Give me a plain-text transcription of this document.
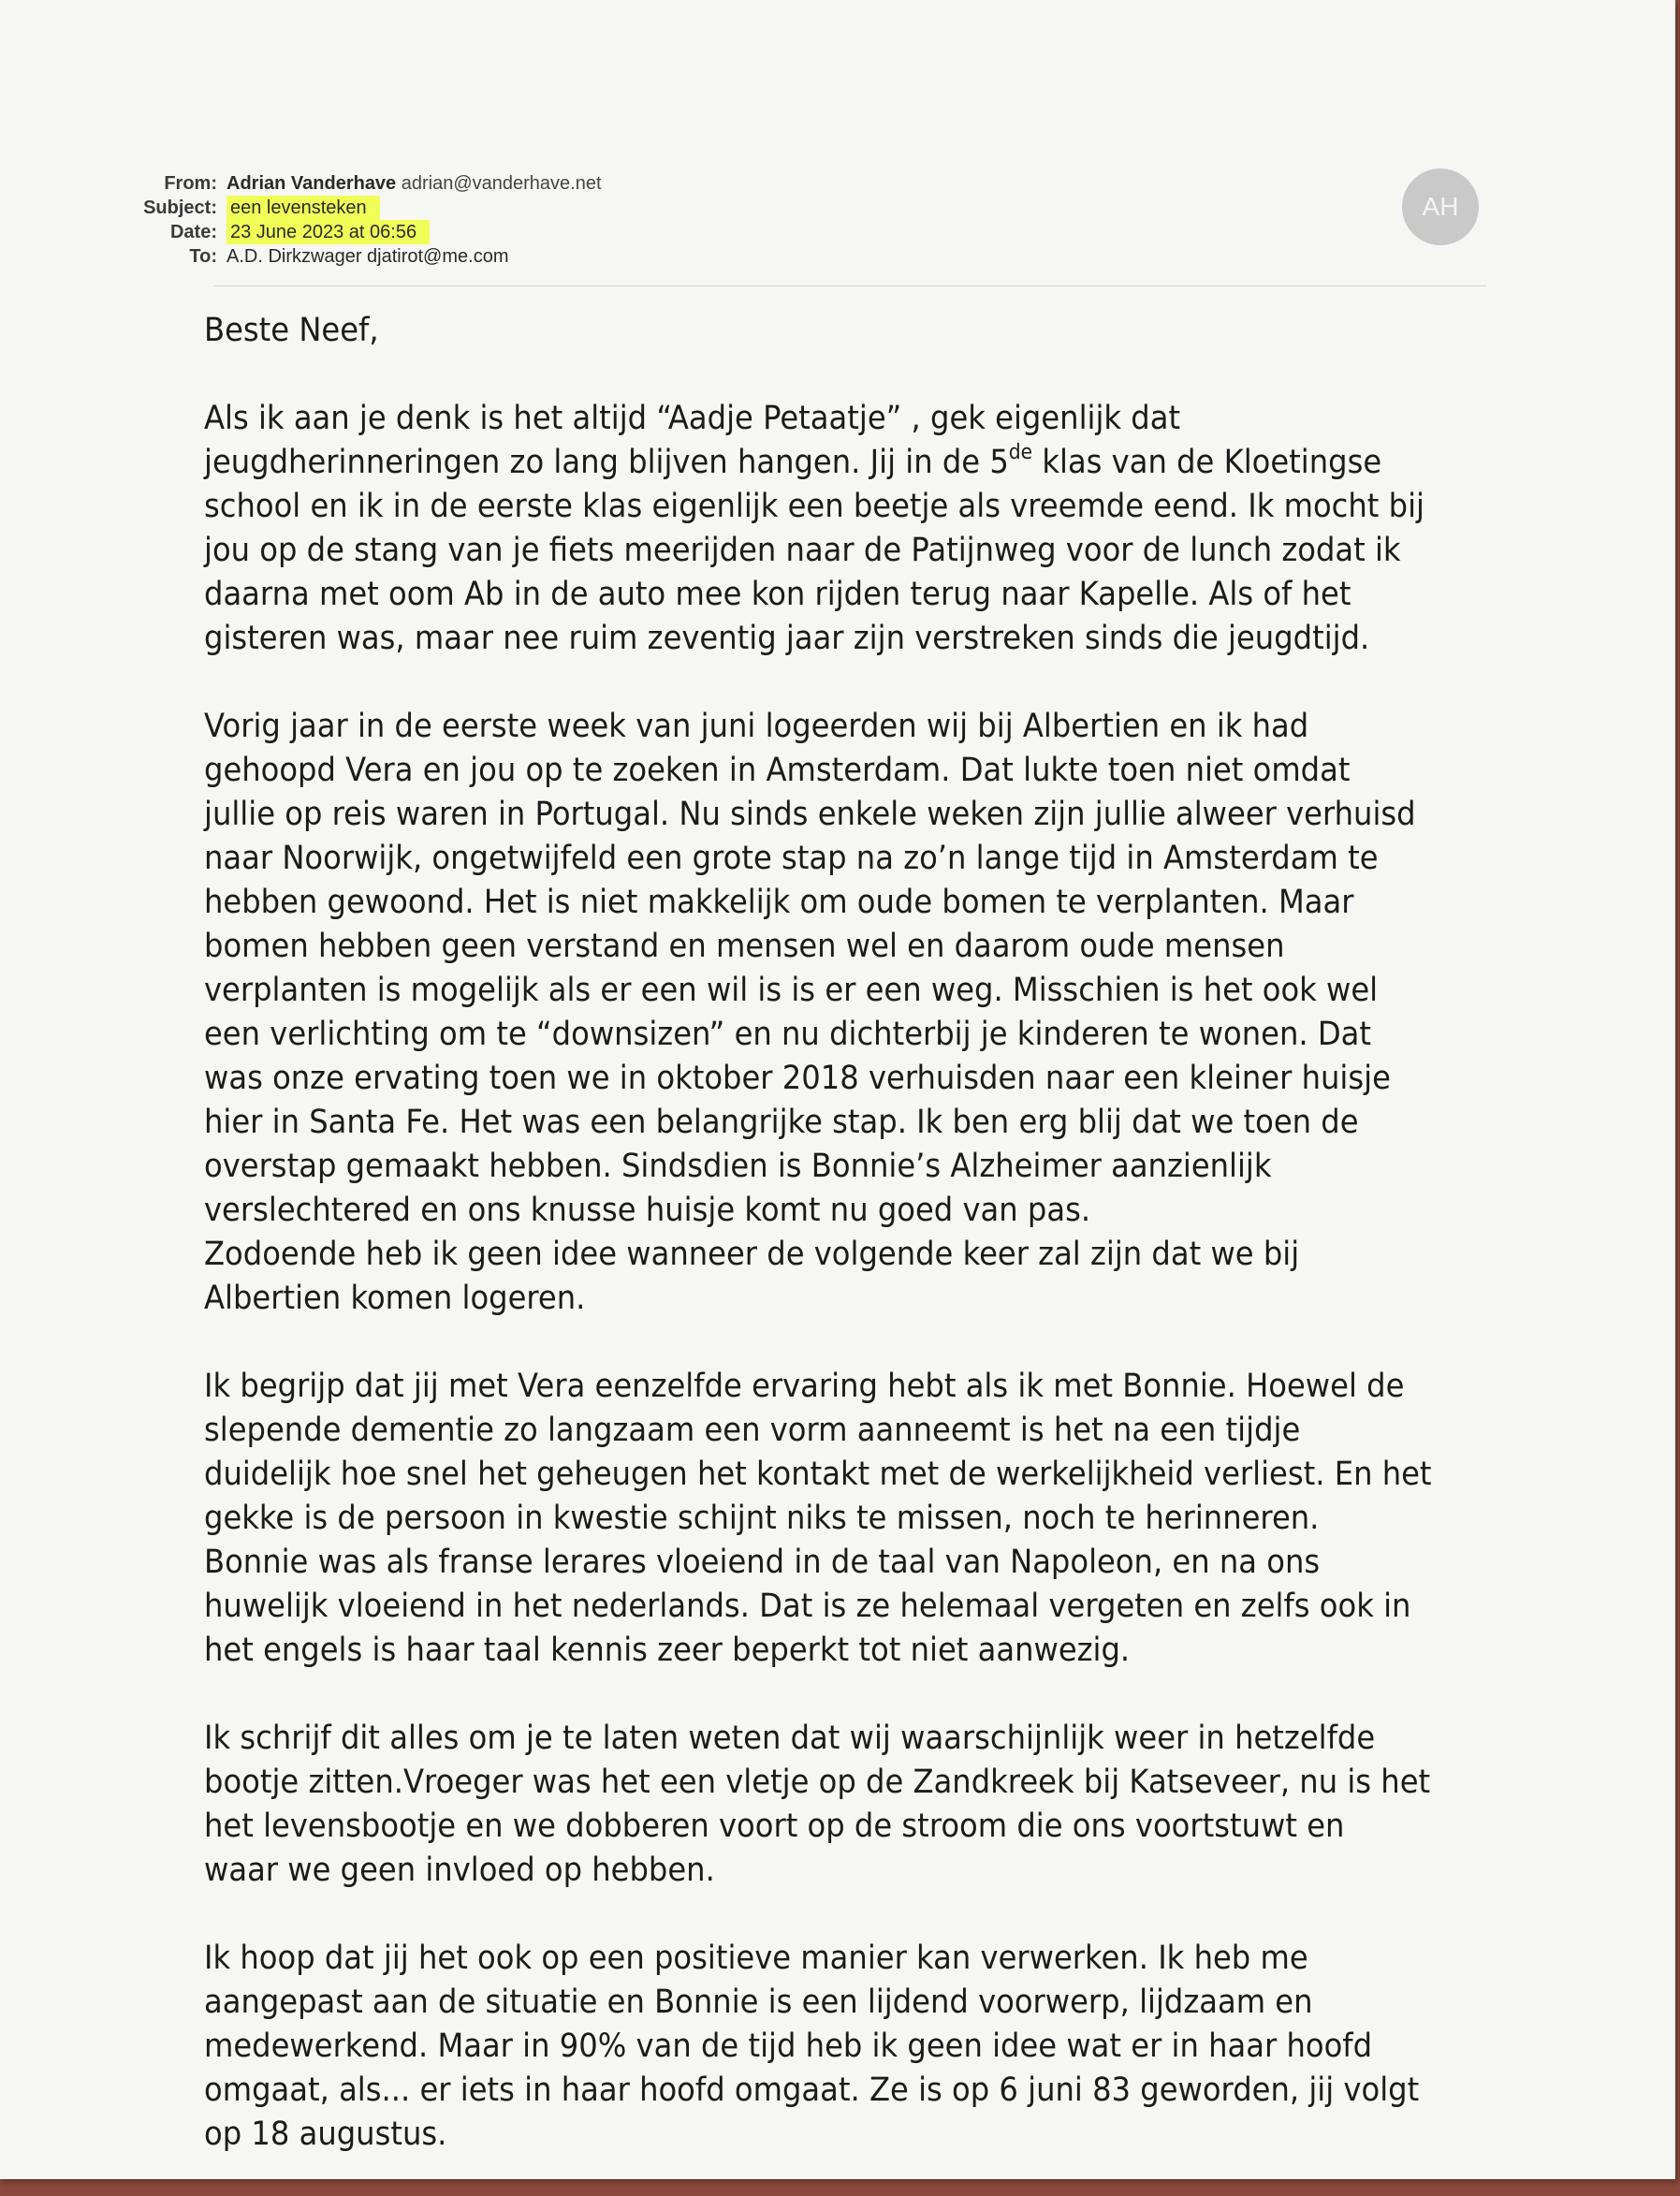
From: Adrian Vanderhave adrian@vanderhave.net
Subject: een levensteken
Date: 23 June 2023 at 06:56
To: A.D. Dirkzwager djatirot@me.com
AH

Beste Neef,

Als ik aan je denk is het altijd “Aadje Petaatje” , gek eigenlijk dat
jeugdherinneringen zo lang blijven hangen. Jij in de 5de klas van de Kloetingse
school en ik in de eerste klas eigenlijk een beetje als vreemde eend. Ik mocht bij
jou op de stang van je fiets meerijden naar de Patijnweg voor de lunch zodat ik
daarna met oom Ab in de auto mee kon rijden terug naar Kapelle. Als of het
gisteren was, maar nee ruim zeventig jaar zijn verstreken sinds die jeugdtijd.

Vorig jaar in de eerste week van juni logeerden wij bij Albertien en ik had
gehoopd Vera en jou op te zoeken in Amsterdam. Dat lukte toen niet omdat
jullie op reis waren in Portugal. Nu sinds enkele weken zijn jullie alweer verhuisd
naar Noorwijk, ongetwijfeld een grote stap na zo’n lange tijd in Amsterdam te
hebben gewoond. Het is niet makkelijk om oude bomen te verplanten. Maar
bomen hebben geen verstand en mensen wel en daarom oude mensen
verplanten is mogelijk als er een wil is is er een weg. Misschien is het ook wel
een verlichting om te “downsizen” en nu dichterbij je kinderen te wonen. Dat
was onze ervating toen we in oktober 2018 verhuisden naar een kleiner huisje
hier in Santa Fe. Het was een belangrijke stap. Ik ben erg blij dat we toen de
overstap gemaakt hebben. Sindsdien is Bonnie’s Alzheimer aanzienlijk
verslechtered en ons knusse huisje komt nu goed van pas.
Zodoende heb ik geen idee wanneer de volgende keer zal zijn dat we bij
Albertien komen logeren.

Ik begrijp dat jij met Vera eenzelfde ervaring hebt als ik met Bonnie. Hoewel de
slepende dementie zo langzaam een vorm aanneemt is het na een tijdje
duidelijk hoe snel het geheugen het kontakt met de werkelijkheid verliest. En het
gekke is de persoon in kwestie schijnt niks te missen, noch te herinneren.
Bonnie was als franse lerares vloeiend in de taal van Napoleon, en na ons
huwelijk vloeiend in het nederlands. Dat is ze helemaal vergeten en zelfs ook in
het engels is haar taal kennis zeer beperkt tot niet aanwezig.

Ik schrijf dit alles om je te laten weten dat wij waarschijnlijk weer in hetzelfde
bootje zitten.Vroeger was het een vletje op de Zandkreek bij Katseveer, nu is het
het levensbootje en we dobberen voort op de stroom die ons voortstuwt en
waar we geen invloed op hebben.

Ik hoop dat jij het ook op een positieve manier kan verwerken. Ik heb me
aangepast aan de situatie en Bonnie is een lijdend voorwerp, lijdzaam en
medewerkend. Maar in 90% van de tijd heb ik geen idee wat er in haar hoofd
omgaat, als... er iets in haar hoofd omgaat. Ze is op 6 juni 83 geworden, jij volgt
op 18 augustus.
